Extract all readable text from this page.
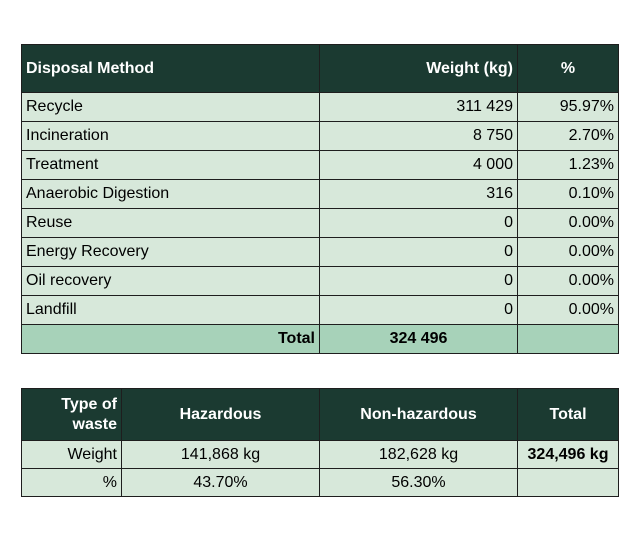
Disposal Method	Weight (kg)	%
Recycle	311 429	95.97%
Incineration	8 750	2.70%
Treatment	4 000	1.23%
Anaerobic Digestion	316	0.10%
Reuse	0	0.00%
Energy Recovery	0	0.00%
Oil recovery	0	0.00%
Landfill	0	0.00%
Total	324 496	
Type of waste	Hazardous	Non-hazardous	Total
Weight	141,868 kg	182,628 kg	324,496 kg
%	43.70%	56.30%	
